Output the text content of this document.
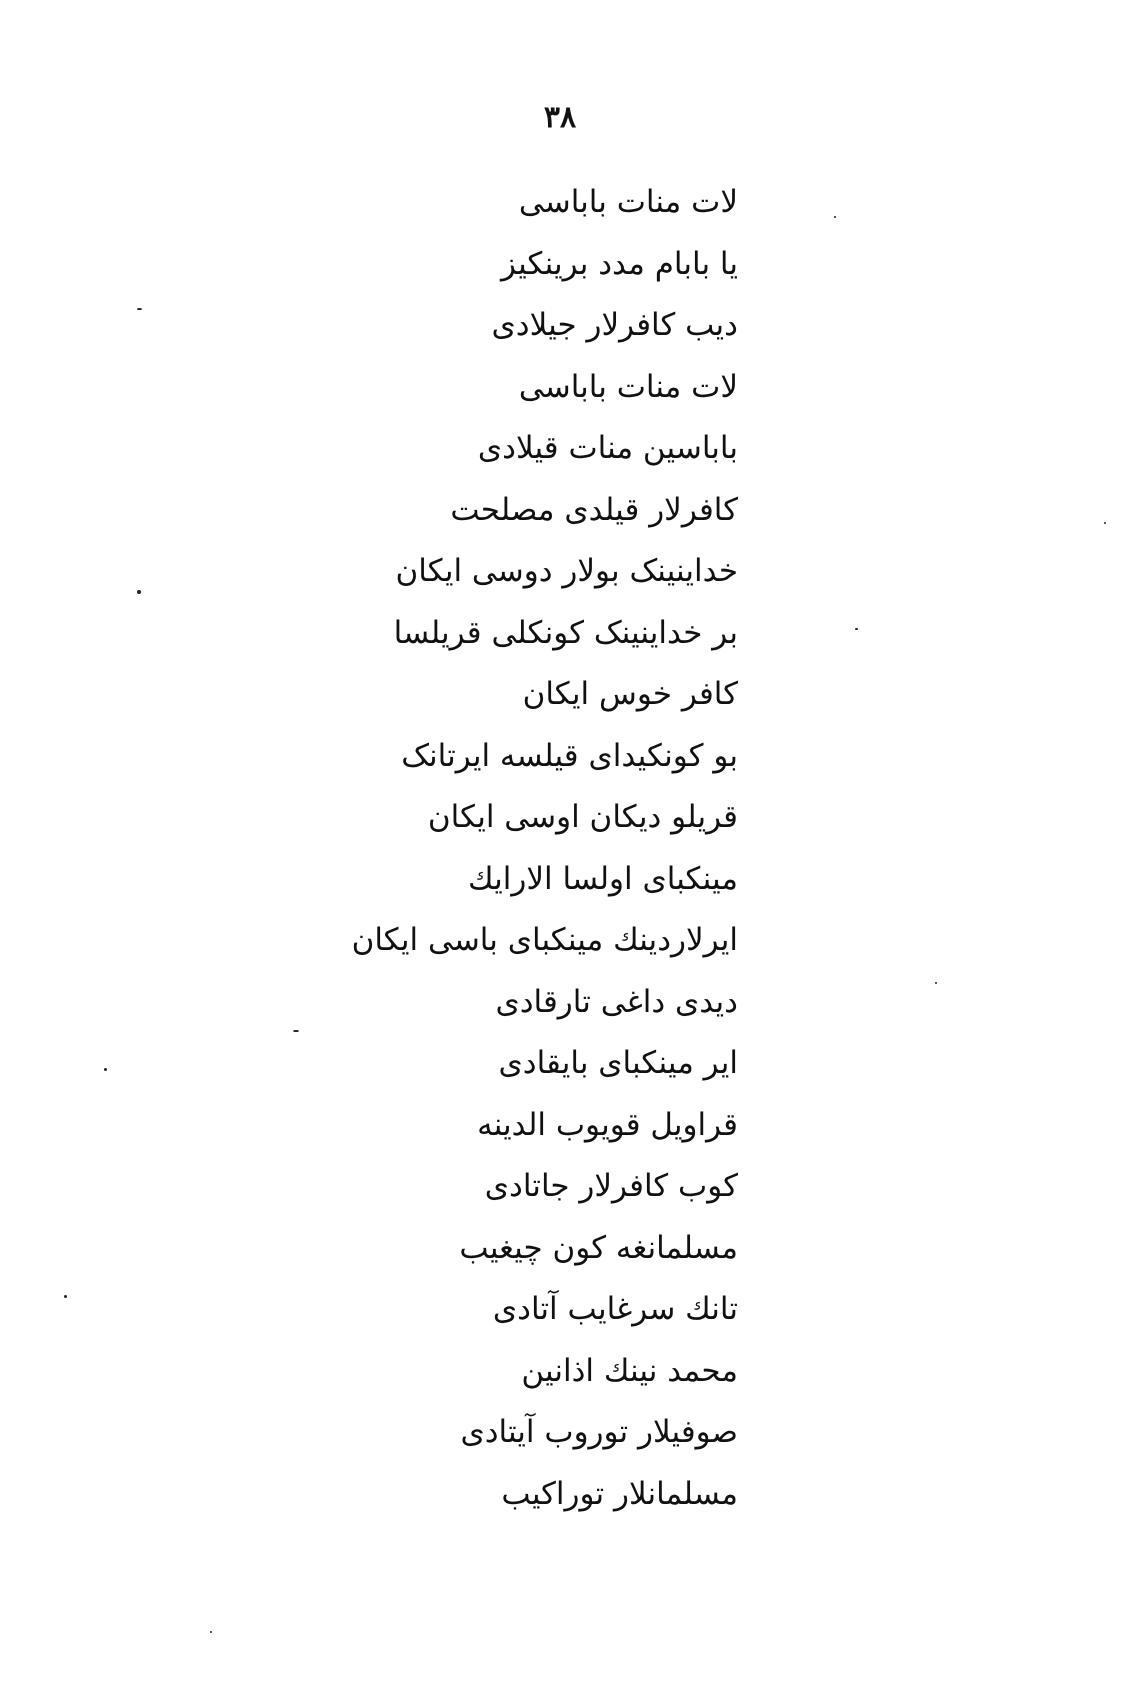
۳۸
لات منات باباسی
یا بابام مدد برینکیز
دیب کافرلار جیلادی
لات منات باباسی
باباسین منات قیلادی
کافرلار قیلدی مصلحت
خداینینک بولار دوسی ایکان
بر خداینینک کونکلی قریلسا
کافر خوس ایکان
بو کونکیدای قیلسه ایرتانک
قریلو دیکان اوسی ایکان
مینکبای اولسا الارایك
ایرلاردینك مینکبای باسی ایکان
دیدی داغی تارقادی
ایر مینکبای بایقادی
قراویل قویوب الدینه
کوب کافرلار جاتادی
مسلمانغه کون چیغیب
تانك سرغایب آتادی
محمد نینك اذانین
صوفیلار توروب آیتادی
مسلمانلار توراکیب
